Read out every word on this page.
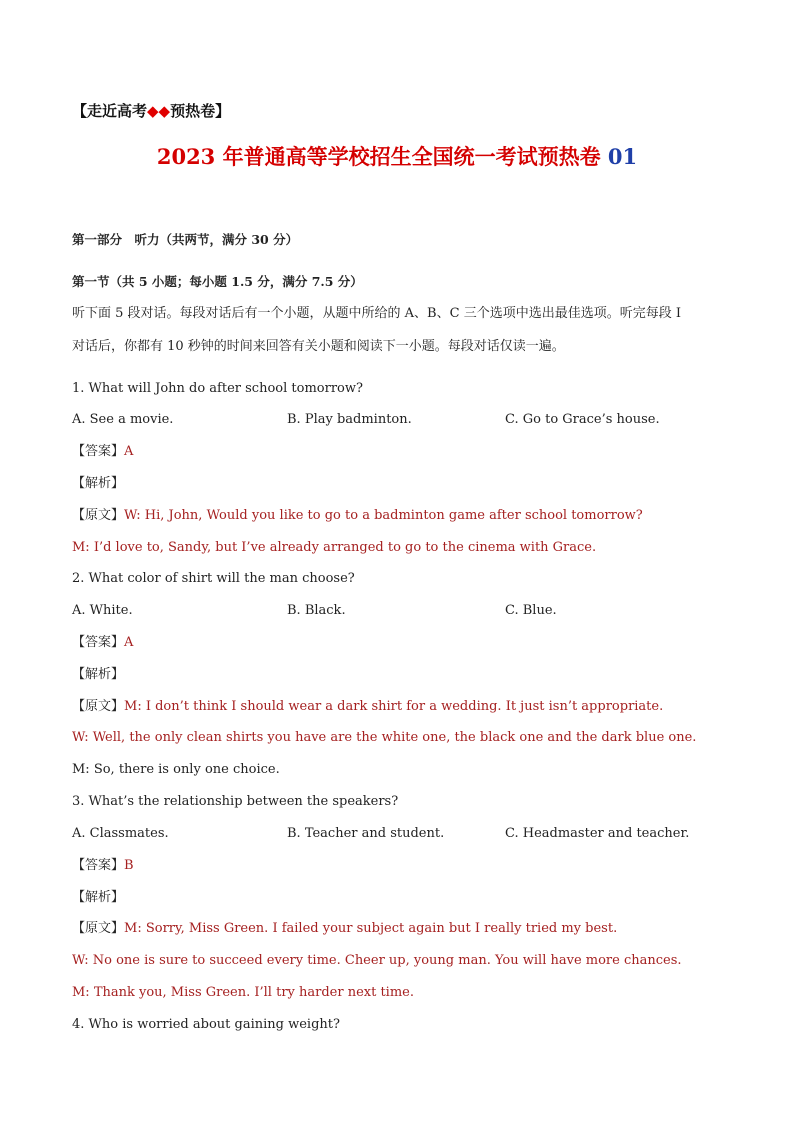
【走近高考◆◆预热卷】
2023 年普通高等学校招生全国统一考试预热卷 01
第一部分　听力（共两节，满分 30 分）
第一节（共 5 小题；每小题 1.5 分，满分 7.5 分）
听下面 5 段对话。每段对话后有一个小题，从题中所给的 A、B、C 三个选项中选出最佳选项。听完每段 I
对话后，你都有 10 秒钟的时间来回答有关小题和阅读下一小题。每段对话仅读一遍。
1. What will John do after school tomorrow?
A. See a movie.	B. Play badminton.	C. Go to Grace’s house.
【答案】A
【解析】
【原文】W: Hi, John, Would you like to go to a badminton game after school tomorrow?
M: I’d love to, Sandy, but I’ve already arranged to go to the cinema with Grace.
2. What color of shirt will the man choose?
A. White.	B. Black.	C. Blue.
【答案】A
【解析】
【原文】M: I don’t think I should wear a dark shirt for a wedding. It just isn’t appropriate.
W: Well, the only clean shirts you have are the white one, the black one and the dark blue one.
M: So, there is only one choice.
3. What’s the relationship between the speakers?
A. Classmates.	B. Teacher and student.	C. Headmaster and teacher.
【答案】B
【解析】
【原文】M: Sorry, Miss Green. I failed your subject again but I really tried my best.
W: No one is sure to succeed every time. Cheer up, young man. You will have more chances.
M: Thank you, Miss Green. I’ll try harder next time.
4. Who is worried about gaining weight?
